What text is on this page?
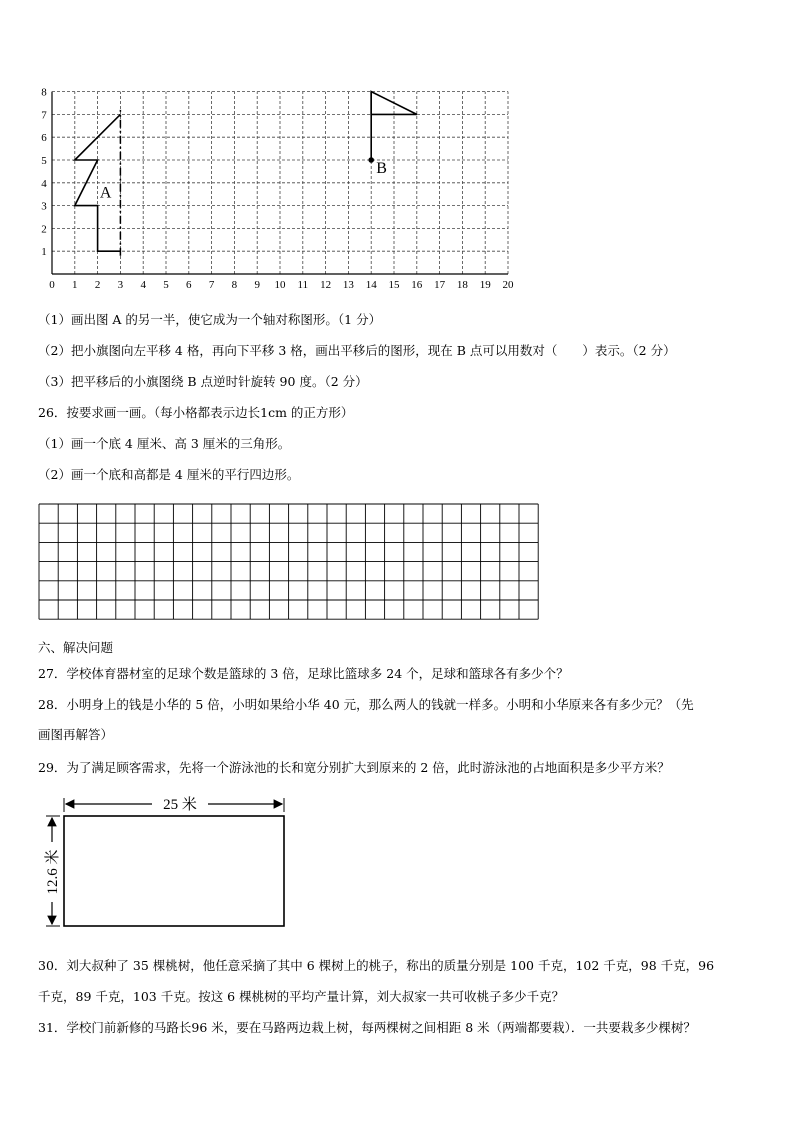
0 1 2 3 4 5 6 7 8 9 10 11 12 13 14 15 16 17 18 19 20
1
2
3
4
5
6
7
8
A
B
（1）画出图 A 的另一半，使它成为一个轴对称图形。（1 分）
（2）把小旗图向左平移 4 格，再向下平移 3 格，画出平移后的图形，现在 B 点可以用数对（　　）表示。（2 分）
（3）把平移后的小旗图绕 B 点逆时针旋转 90 度。（2 分）
26．按要求画一画。（每小格都表示边长1cm 的正方形）
（1）画一个底 4 厘米、高 3 厘米的三角形。
（2）画一个底和高都是 4 厘米的平行四边形。
六、解决问题
27．学校体育器材室的足球个数是篮球的 3 倍，足球比篮球多 24 个，足球和篮球各有多少个？
28．小明身上的钱是小华的 5 倍，小明如果给小华 40 元，那么两人的钱就一样多。小明和小华原来各有多少元？（先
画图再解答）
29．为了满足顾客需求，先将一个游泳池的长和宽分别扩大到原来的 2 倍，此时游泳池的占地面积是多少平方米？
25 米
12.6 米
30．刘大叔种了 35 棵桃树，他任意采摘了其中 6 棵树上的桃子，称出的质量分别是 100 千克，102 千克，98 千克，96
千克，89 千克，103 千克。按这 6 棵桃树的平均产量计算，刘大叔家一共可收桃子多少千克？
31．学校门前新修的马路长96 米，要在马路两边栽上树，每两棵树之间相距 8 米（两端都要栽）．一共要栽多少棵树？
